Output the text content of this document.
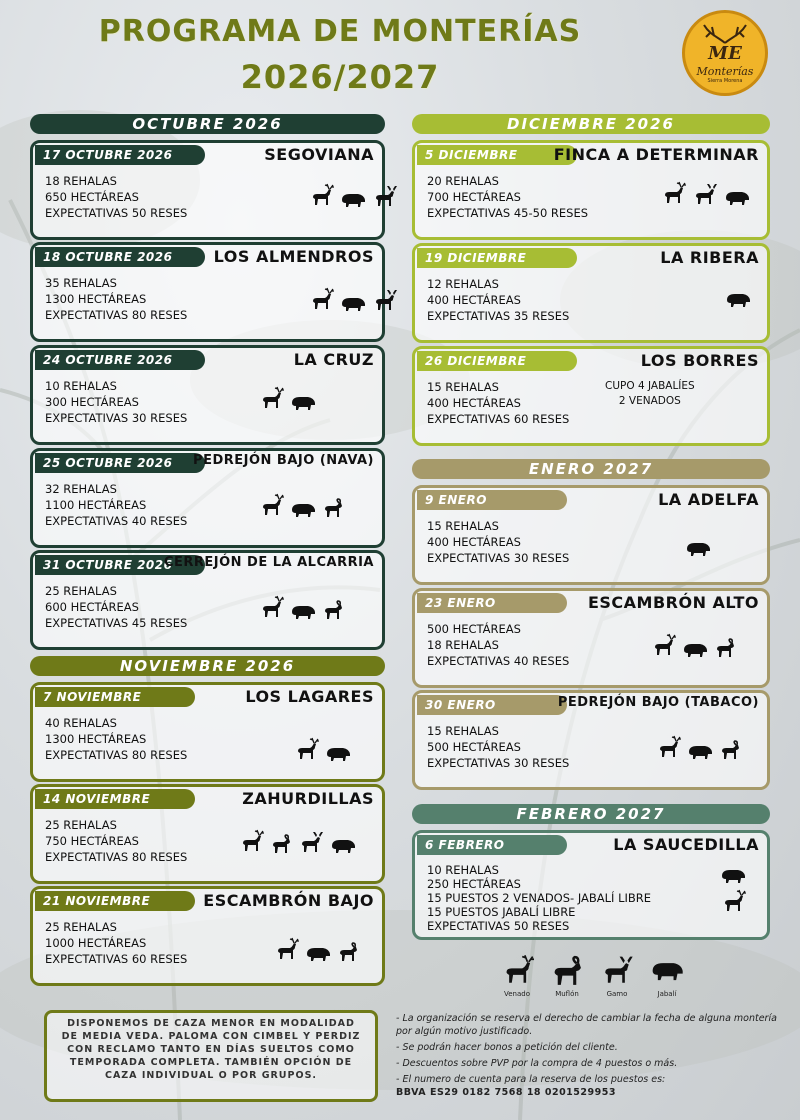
PROGRAMA DE MONTERÍAS
2026/2027
ME
Monterías
Sierra Morena
OCTUBRE 2026
NOVIEMBRE 2026
DICIEMBRE 2026
ENERO 2027
FEBRERO 2027
17 OCTUBRE 2026	SEGOVIANA
18 REHALAS
650 HECTÁREAS
EXPECTATIVAS 50 RESES
18 OCTUBRE 2026	LOS ALMENDROS
35 REHALAS
1300 HECTÁREAS
EXPECTATIVAS 80 RESES
24 OCTUBRE 2026	LA CRUZ
10 REHALAS
300 HECTÁREAS
EXPECTATIVAS 30 RESES
25 OCTUBRE 2026	PEDREJÓN BAJO (NAVA)
32 REHALAS
1100 HECTÁREAS
EXPECTATIVAS 40 RESES
31 OCTUBRE 2026
CERREJÓN DE LA ALCARRIA
25 REHALAS
600 HECTÁREAS
EXPECTATIVAS 45 RESES
7 NOVIEMBRE	LOS LAGARES
40 REHALAS
1300 HECTÁREAS
EXPECTATIVAS 80 RESES
14 NOVIEMBRE	ZAHURDILLAS
25 REHALAS
750 HECTÁREAS
EXPECTATIVAS 80 RESES
21 NOVIEMBRE	ESCAMBRÓN BAJO
25 REHALAS
1000 HECTÁREAS
EXPECTATIVAS 60 RESES
5 DICIEMBRE	FINCA A DETERMINAR
20 REHALAS
700 HECTÁREAS
EXPECTATIVAS 45-50 RESES
19 DICIEMBRE	LA RIBERA
12 REHALAS
400 HECTÁREAS
EXPECTATIVAS 35 RESES
26 DICIEMBRE	LOS BORRES
15 REHALAS
400 HECTÁREAS
EXPECTATIVAS 60 RESES
CUPO 4 JABALÍES
2 VENADOS
9 ENERO	LA ADELFA
15 REHALAS
400 HECTÁREAS
EXPECTATIVAS 30 RESES
23 ENERO	ESCAMBRÓN ALTO
500 HECTÁREAS
18 REHALAS
EXPECTATIVAS 40 RESES
30 ENERO	PEDREJÓN BAJO (TABACO)
15 REHALAS
500 HECTÁREAS
EXPECTATIVAS 30 RESES
6 FEBRERO	LA SAUCEDILLA
10 REHALAS
250 HECTÁREAS
15 PUESTOS 2 VENADOS- JABALÍ LIBRE
15 PUESTOS JABALÍ LIBRE
EXPECTATIVAS 50 RESES
Venado	Muflón	Gamo	Jabalí
DISPONEMOS DE CAZA MENOR EN MODALIDAD DE MEDIA VEDA. PALOMA CON CIMBEL Y PERDIZ CON RECLAMO TANTO EN DÍAS SUELTOS COMO TEMPORADA COMPLETA. TAMBIÉN OPCIÓN DE CAZA INDIVIDUAL O POR GRUPOS.
- La organización se reserva el derecho de cambiar la fecha de alguna montería por algún motivo justificado.
- Se podrán hacer bonos a petición del cliente.
- Descuentos sobre PVP por la compra de 4 puestos o más.
- El numero de cuenta para la reserva de los puestos es:
BBVA ES29 0182 7568 18 0201529953
